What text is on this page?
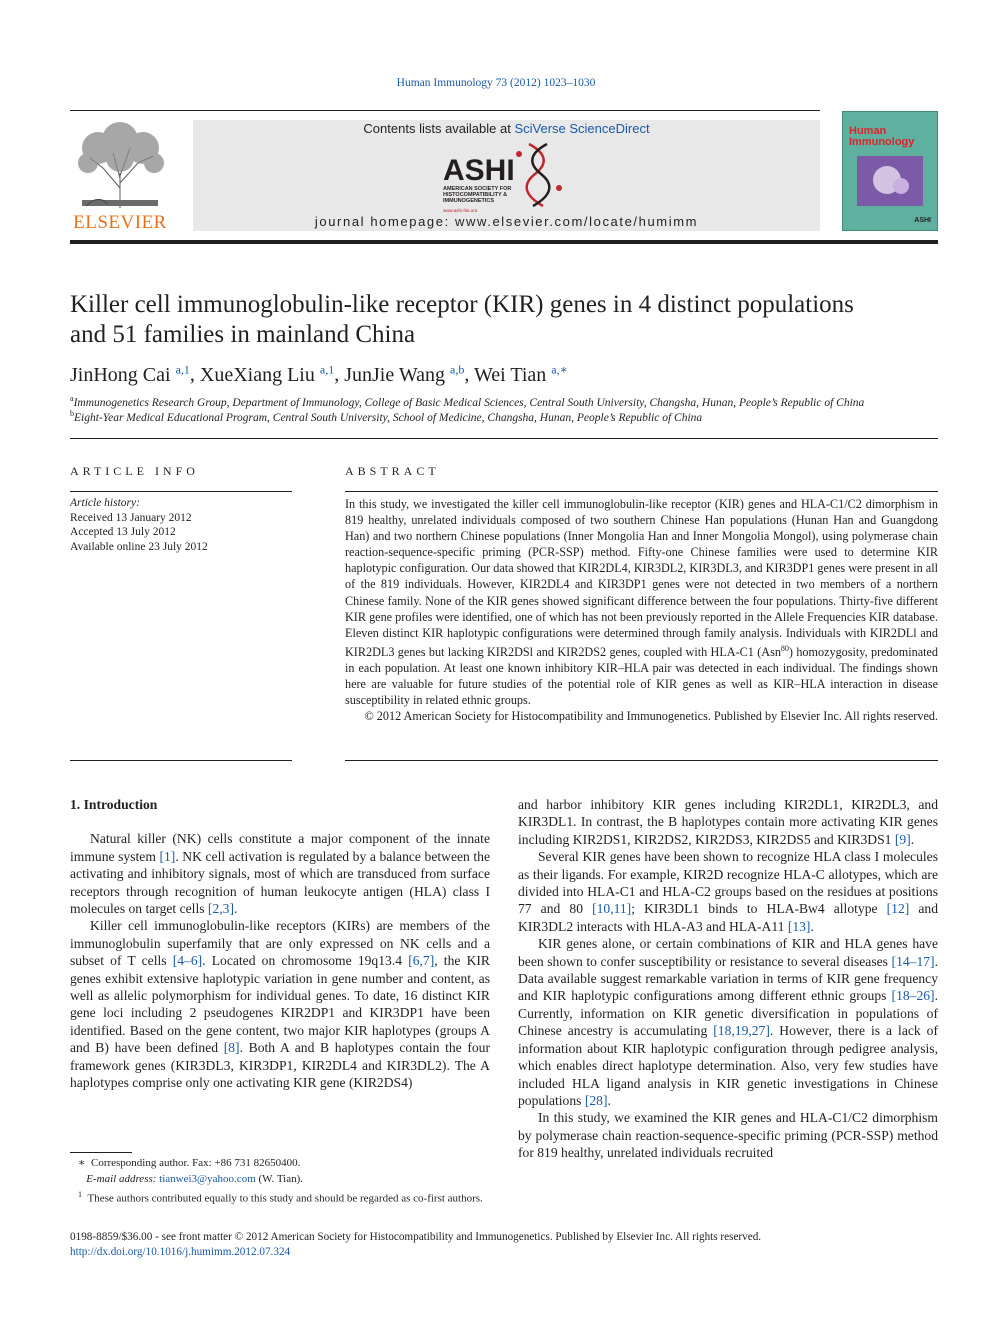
Human Immunology 73 (2012) 1023–1030
ELSEVIER
Contents lists available at SciVerse ScienceDirect
ASHI
AMERICAN SOCIETY FOR HISTOCOMPATIBILITY & IMMUNOGENETICS
www.ashi-hla.org
journal homepage: www.elsevier.com/locate/humimm
Human
Immunology
ASHI
Killer cell immunoglobulin-like receptor (KIR) genes in 4 distinct populations
and 51 families in mainland China
JinHong Cai $^{a,1}$, XueXiang Liu $^{a,1}$, JunJie Wang $^{a,b}$, Wei Tian $^{a,∗}$
$^a$Immunogenetics Research Group, Department of Immunology, College of Basic Medical Sciences, Central South University, Changsha, Hunan, People’s Republic of China
$^b$Eight-Year Medical Educational Program, Central South University, School of Medicine, Changsha, Hunan, People’s Republic of China
ARTICLE INFO
Article history:
Received 13 January 2012
Accepted 13 July 2012
Available online 23 July 2012
ABSTRACT

In this study, we investigated the killer cell immunoglobulin-like receptor (KIR) genes and HLA-C1/C2 dimorphism in 819 healthy, unrelated individuals composed of two southern Chinese Han populations (Hunan Han and Guangdong Han) and two northern Chinese populations (Inner Mongolia Han and Inner Mongolia Mongol), using polymerase chain reaction-sequence-specific priming (PCR-SSP) method. Fifty-one Chinese families were used to determine KIR haplotypic configuration. Our data showed that KIR2DL4, KIR3DL2, KIR3DL3, and KIR3DP1 genes were present in all of the 819 individuals. However, KIR2DL4 and KIR3DP1 genes were not detected in two members of a northern Chinese family. None of the KIR genes showed significant difference between the four populations. Thirty-five different KIR gene profiles were identified, one of which has not been previously reported in the Allele Frequencies KIR database. Eleven distinct KIR haplotypic configurations were determined through family analysis. Individuals with KIR2DLl and KIR2DL3 genes but lacking KIR2DSl and KIR2DS2 genes, coupled with HLA-C1 (Asn$^{80}$) homozygosity, predominated in each population. At least one known inhibitory KIR–HLA pair was detected in each individual. The findings shown here are valuable for future studies of the potential role of KIR genes as well as KIR–HLA interaction in disease susceptibility in related ethnic groups.

© 2012 American Society for Histocompatibility and Immunogenetics. Published by Elsevier Inc. All rights reserved.

1. Introduction

Natural killer (NK) cells constitute a major component of the innate immune system [1]. NK cell activation is regulated by a balance between the activating and inhibitory signals, most of which are transduced from surface receptors through recognition of human leukocyte antigen (HLA) class I molecules on target cells [2,3].

Killer cell immunoglobulin-like receptors (KIRs) are members of the immunoglobulin superfamily that are only expressed on NK cells and a subset of T cells [4–6]. Located on chromosome 19q13.4 [6,7], the KIR genes exhibit extensive haplotypic variation in gene number and content, as well as allelic polymorphism for individual genes. To date, 16 distinct KIR gene loci including 2 pseudogenes KIR2DP1 and KIR3DP1 have been identified. Based on the gene content, two major KIR haplotypes (groups A and B) have been defined [8]. Both A and B haplotypes contain the four framework genes (KIR3DL3, KIR3DP1, KIR2DL4 and KIR3DL2). The A haplotypes comprise only one activating KIR gene (KIR2DS4)

and harbor inhibitory KIR genes including KIR2DL1, KIR2DL3, and KIR3DL1. In contrast, the B haplotypes contain more activating KIR genes including KIR2DS1, KIR2DS2, KIR2DS3, KIR2DS5 and KIR3DS1 [9].

Several KIR genes have been shown to recognize HLA class I molecules as their ligands. For example, KIR2D recognize HLA-C allotypes, which are divided into HLA-C1 and HLA-C2 groups based on the residues at positions 77 and 80 [10,11]; KIR3DL1 binds to HLA-Bw4 allotype [12] and KIR3DL2 interacts with HLA-A3 and HLA-A11 [13].

KIR genes alone, or certain combinations of KIR and HLA genes have been shown to confer susceptibility or resistance to several diseases [14–17]. Data available suggest remarkable variation in terms of KIR gene frequency and KIR haplotypic configurations among different ethnic groups [18–26]. Currently, information on KIR genetic diversification in populations of Chinese ancestry is accumulating [18,19,27]. However, there is a lack of information about KIR haplotypic configuration through pedigree analysis, which enables direct haplotype determination. Also, very few studies have included HLA ligand analysis in KIR genetic investigations in Chinese populations [28].

In this study, we examined the KIR genes and HLA-C1/C2 dimorphism by polymerase chain reaction-sequence-specific priming (PCR-SSP) method for 819 healthy, unrelated individuals recruited

∗ Corresponding author. Fax: +86 731 82650400.
E-mail address: tianwei3@yahoo.com (W. Tian).
$^1$ These authors contributed equally to this study and should be regarded as co-first authors.
0198-8859/$36.00 - see front matter © 2012 American Society for Histocompatibility and Immunogenetics. Published by Elsevier Inc. All rights reserved.
http://dx.doi.org/10.1016/j.humimm.2012.07.324
